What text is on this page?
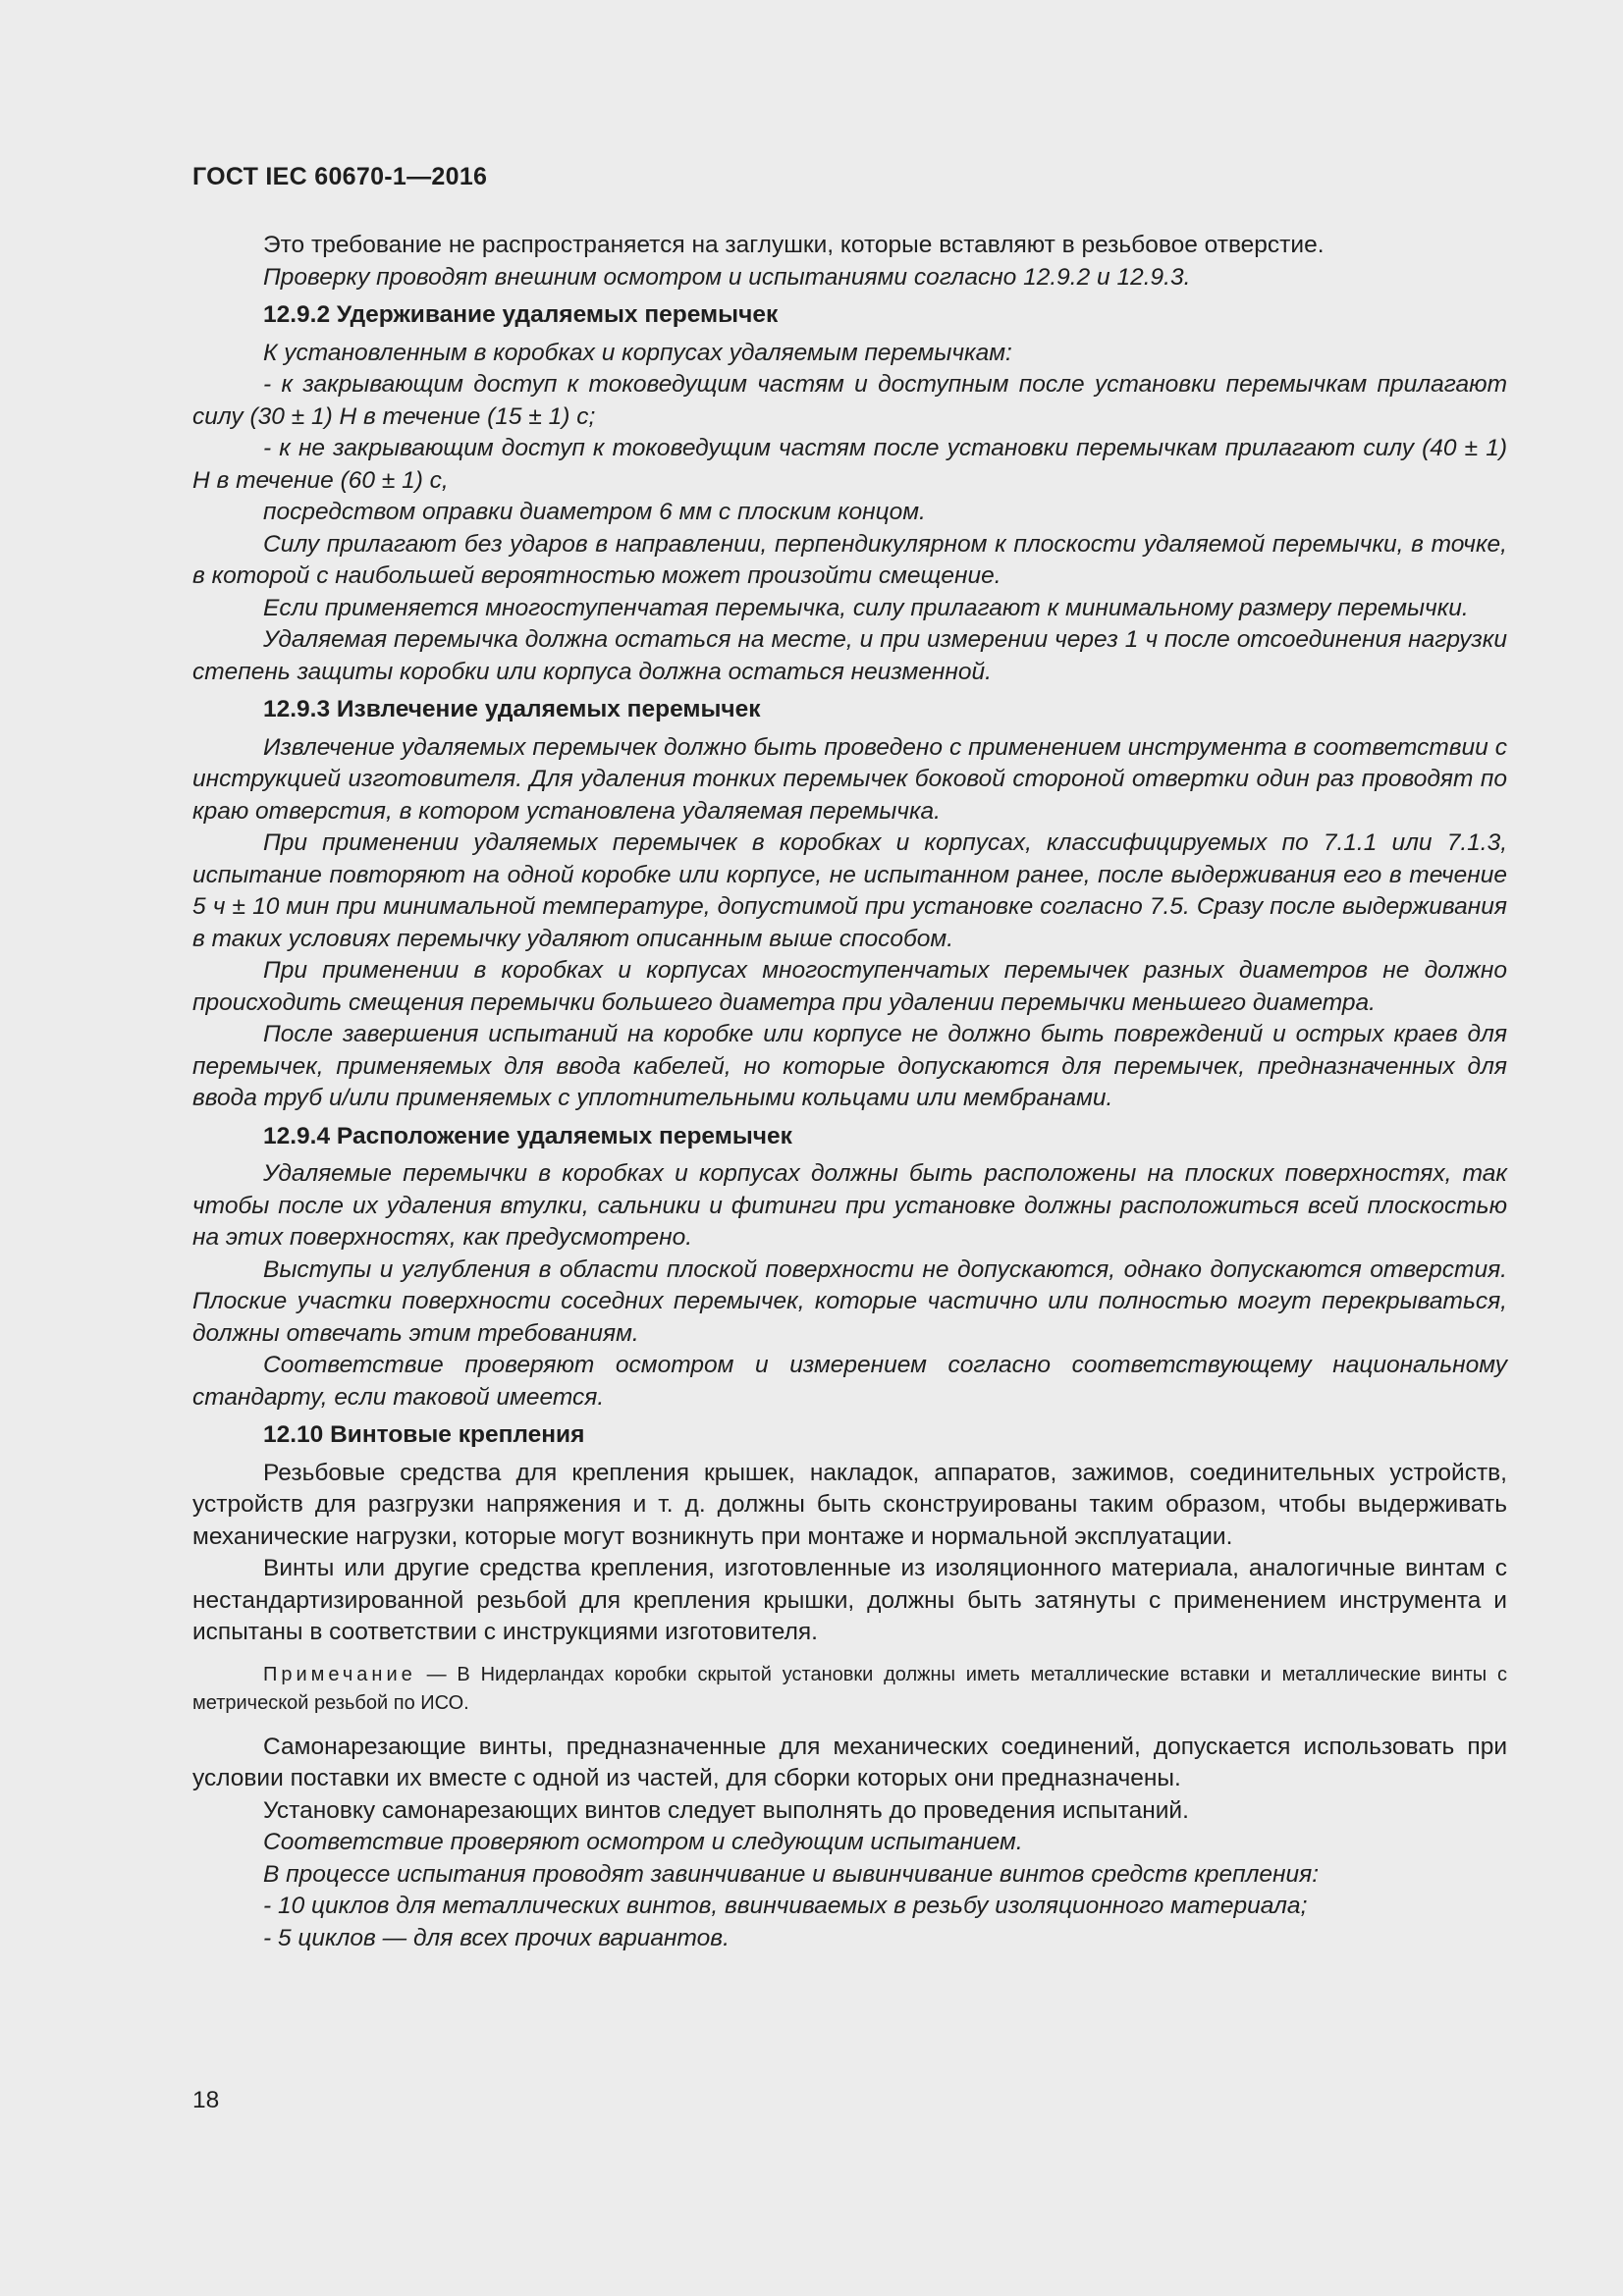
ГОСТ IEC 60670-1—2016

Это требование не распространяется на заглушки, которые вставляют в резьбовое отверстие.

Проверку проводят внешним осмотром и испытаниями согласно 12.9.2 и 12.9.3.

12.9.2 Удерживание удаляемых перемычек

К установленным в коробках и корпусах удаляемым перемычкам:

- к закрывающим доступ к токоведущим частям и доступным после установки перемычкам прилагают силу (30 ± 1) Н в течение (15 ± 1) с;

- к не закрывающим доступ к токоведущим частям после установки перемычкам прилагают силу (40 ± 1) Н в течение (60 ± 1) с,

посредством оправки диаметром 6 мм с плоским концом.

Силу прилагают без ударов в направлении, перпендикулярном к плоскости удаляемой перемычки, в точке, в которой с наибольшей вероятностью может произойти смещение.

Если применяется многоступенчатая перемычка, силу прилагают к минимальному размеру перемычки.

Удаляемая перемычка должна остаться на месте, и при измерении через 1 ч после отсоединения нагрузки степень защиты коробки или корпуса должна остаться неизменной.

12.9.3 Извлечение удаляемых перемычек

Извлечение удаляемых перемычек должно быть проведено с применением инструмента в соответствии с инструкцией изготовителя. Для удаления тонких перемычек боковой стороной отвертки один раз проводят по краю отверстия, в котором установлена удаляемая перемычка.

При применении удаляемых перемычек в коробках и корпусах, классифицируемых по 7.1.1 или 7.1.3, испытание повторяют на одной коробке или корпусе, не испытанном ранее, после выдерживания его в течение 5 ч ± 10 мин при минимальной температуре, допустимой при установке согласно 7.5. Сразу после выдерживания в таких условиях перемычку удаляют описанным выше способом.

При применении в коробках и корпусах многоступенчатых перемычек разных диаметров не должно происходить смещения перемычки большего диаметра при удалении перемычки меньшего диаметра.

После завершения испытаний на коробке или корпусе не должно быть повреждений и острых краев для перемычек, применяемых для ввода кабелей, но которые допускаются для перемычек, предназначенных для ввода труб и/или применяемых с уплотнительными кольцами или мембранами.

12.9.4 Расположение удаляемых перемычек

Удаляемые перемычки в коробках и корпусах должны быть расположены на плоских поверхностях, так чтобы после их удаления втулки, сальники и фитинги при установке должны расположиться всей плоскостью на этих поверхностях, как предусмотрено.

Выступы и углубления в области плоской поверхности не допускаются, однако допускаются отверстия. Плоские участки поверхности соседних перемычек, которые частично или полностью могут перекрываться, должны отвечать этим требованиям.

Соответствие проверяют осмотром и измерением согласно соответствующему национальному стандарту, если таковой имеется.

12.10 Винтовые крепления

Резьбовые средства для крепления крышек, накладок, аппаратов, зажимов, соединительных устройств, устройств для разгрузки напряжения и т. д. должны быть сконструированы таким образом, чтобы выдерживать механические нагрузки, которые могут возникнуть при монтаже и нормальной эксплуатации.

Винты или другие средства крепления, изготовленные из изоляционного материала, аналогичные винтам с нестандартизированной резьбой для крепления крышки, должны быть затянуты с применением инструмента и испытаны в соответствии с инструкциями изготовителя.

Примечание — В Нидерландах коробки скрытой установки должны иметь металлические вставки и металлические винты с метрической резьбой по ИСО.

Самонарезающие винты, предназначенные для механических соединений, допускается использовать при условии поставки их вместе с одной из частей, для сборки которых они предназначены.

Установку самонарезающих винтов следует выполнять до проведения испытаний.

Соответствие проверяют осмотром и следующим испытанием.

В процессе испытания проводят завинчивание и вывинчивание винтов средств крепления:

- 10 циклов для металлических винтов, ввинчиваемых в резьбу изоляционного материала;

- 5 циклов — для всех прочих вариантов.

18
